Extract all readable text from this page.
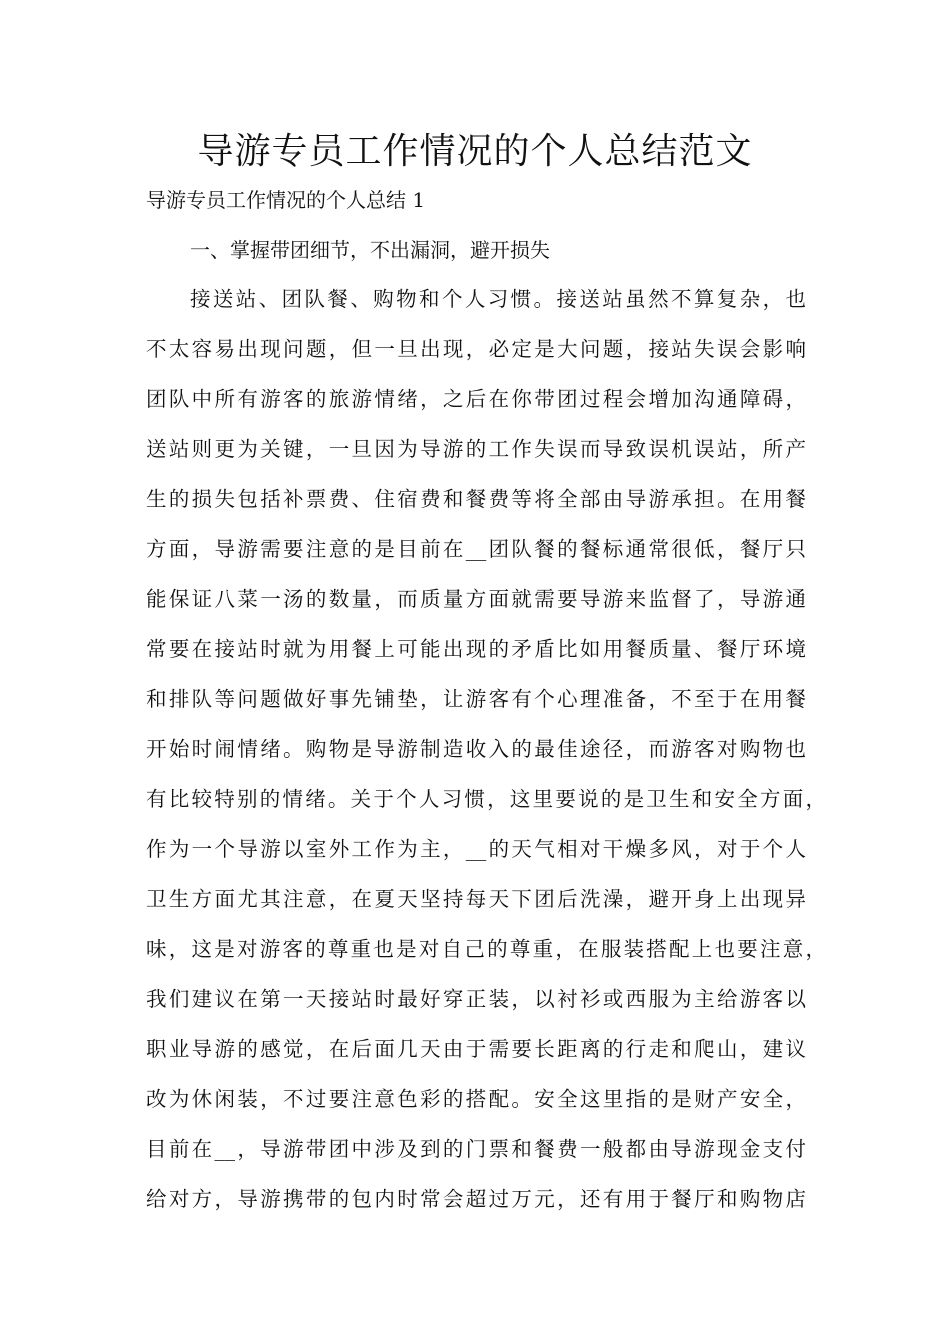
导游专员工作情况的个人总结范文

导游专员工作情况的个人总结 1

一、掌握带团细节，不出漏洞，避开损失

接送站、团队餐、购物和个人习惯。接送站虽然不算复杂，也
不太容易出现问题，但一旦出现，必定是大问题，接站失误会影响
团队中所有游客的旅游情绪，之后在你带团过程会增加沟通障碍，
送站则更为关键，一旦因为导游的工作失误而导致误机误站，所产
生的损失包括补票费、住宿费和餐费等将全部由导游承担。在用餐
方面，导游需要注意的是目前在__团队餐的餐标通常很低，餐厅只
能保证八菜一汤的数量，而质量方面就需要导游来监督了，导游通
常要在接站时就为用餐上可能出现的矛盾比如用餐质量、餐厅环境
和排队等问题做好事先铺垫，让游客有个心理准备，不至于在用餐
开始时闹情绪。购物是导游制造收入的最佳途径，而游客对购物也
有比较特别的情绪。关于个人习惯，这里要说的是卫生和安全方面，
作为一个导游以室外工作为主，__的天气相对干燥多风，对于个人
卫生方面尤其注意，在夏天坚持每天下团后洗澡，避开身上出现异
味，这是对游客的尊重也是对自己的尊重，在服装搭配上也要注意，
我们建议在第一天接站时最好穿正装，以衬衫或西服为主给游客以
职业导游的感觉，在后面几天由于需要长距离的行走和爬山，建议
改为休闲装，不过要注意色彩的搭配。安全这里指的是财产安全，
目前在__，导游带团中涉及到的门票和餐费一般都由导游现金支付
给对方，导游携带的包内时常会超过万元，还有用于餐厅和购物店
